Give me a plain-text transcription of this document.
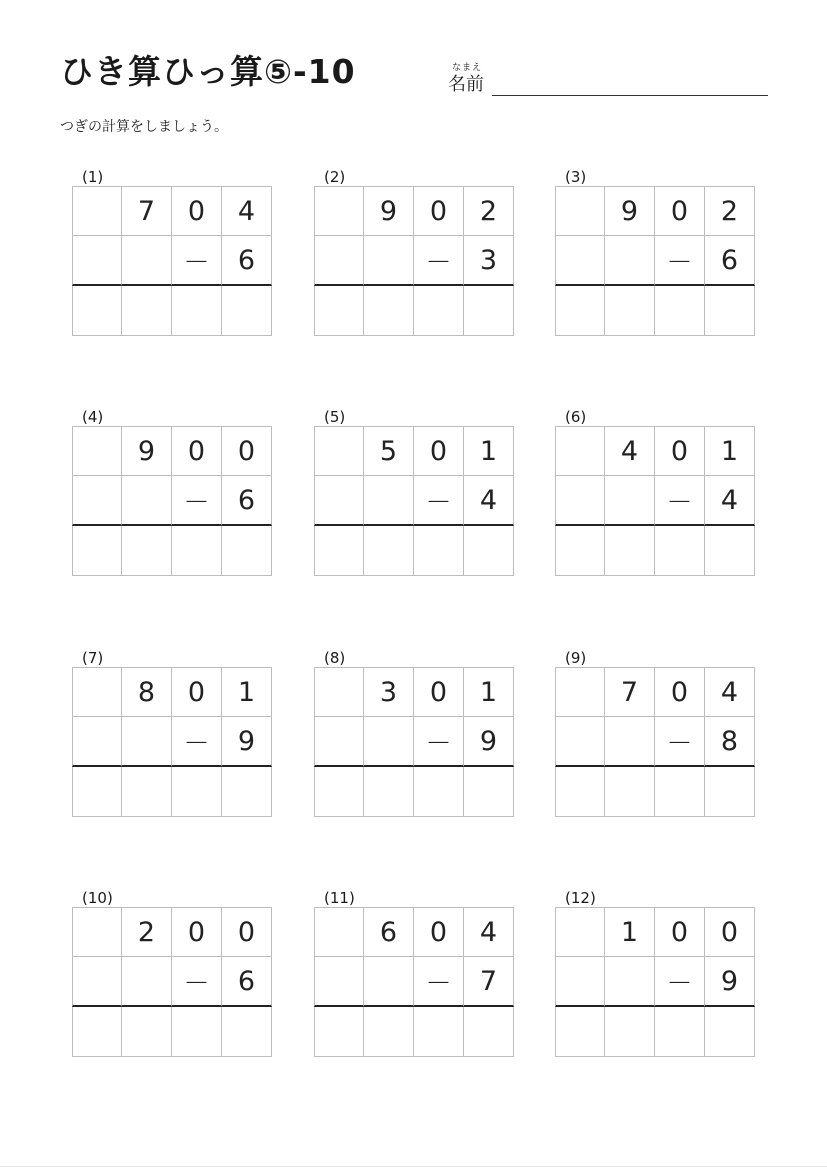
ひき算ひっ算⑤-10	なまえ
名前
つぎの計算をしましょう。
(1)
7	0	4
－	6
(2)
9	0	2
－	3
(3)
9	0	2
－	6
(4)
9	0	0
－	6
(5)
5	0	1
－	4
(6)
4	0	1
－	4
(7)
8	0	1
－	9
(8)
3	0	1
－	9
(9)
7	0	4
－	8
(10)
2	0	0
－	6
(11)
6	0	4
－	7
(12)
1	0	0
－	9
